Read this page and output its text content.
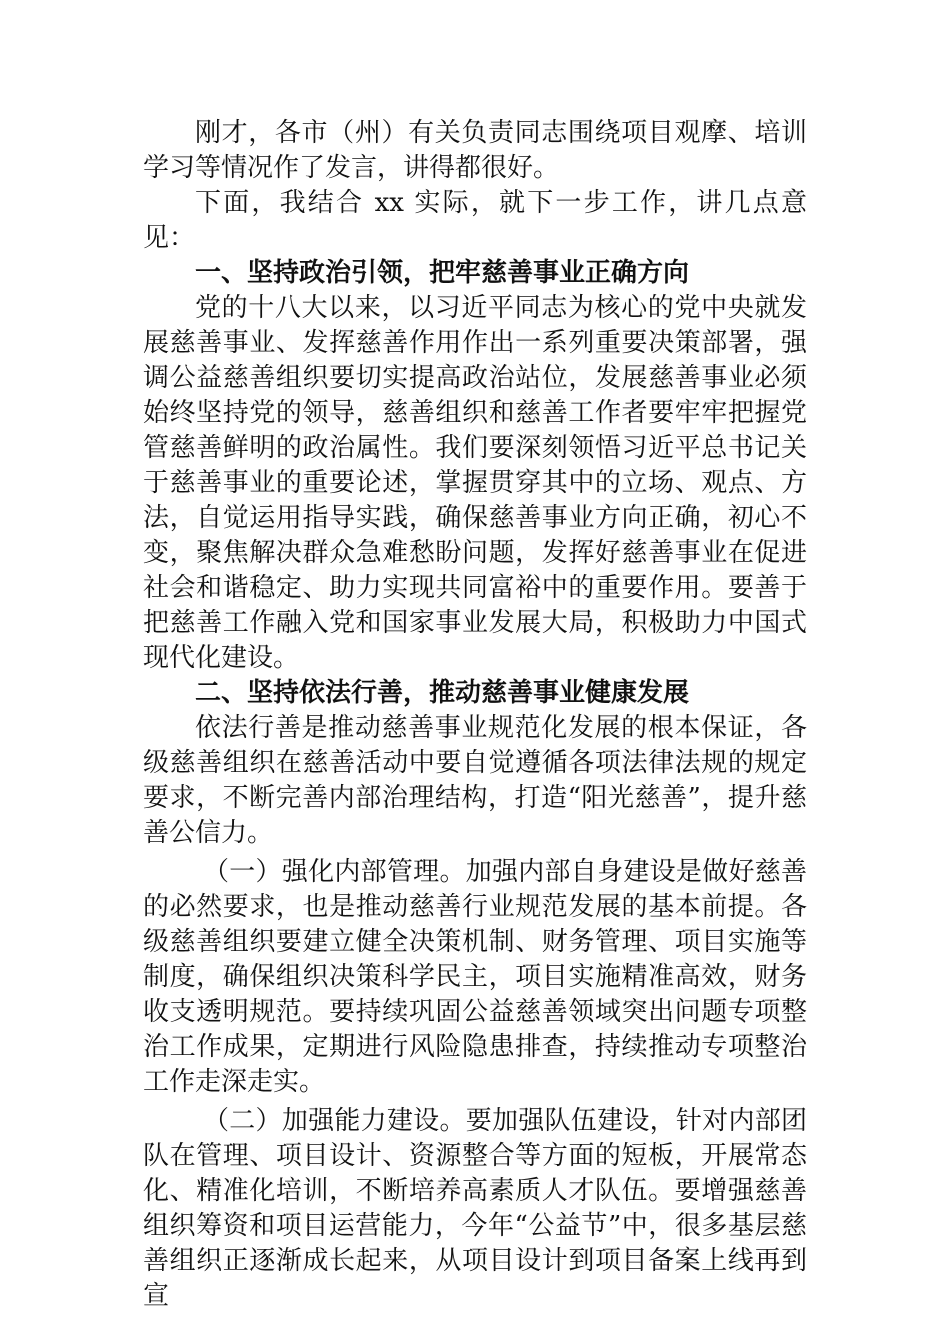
刚才，各市（州）有关负责同志围绕项目观摩、培训学习等情况作了发言，讲得都很好。

下面，我结合 xx 实际，就下一步工作，讲几点意见：

一、坚持政治引领，把牢慈善事业正确方向

党的十八大以来，以习近平同志为核心的党中央就发展慈善事业、发挥慈善作用作出一系列重要决策部署，强调公益慈善组织要切实提高政治站位，发展慈善事业必须始终坚持党的领导，慈善组织和慈善工作者要牢牢把握党管慈善鲜明的政治属性。我们要深刻领悟习近平总书记关于慈善事业的重要论述，掌握贯穿其中的立场、观点、方法，自觉运用指导实践，确保慈善事业方向正确，初心不变，聚焦解决群众急难愁盼问题，发挥好慈善事业在促进社会和谐稳定、助力实现共同富裕中的重要作用。要善于把慈善工作融入党和国家事业发展大局，积极助力中国式现代化建设。

二、坚持依法行善，推动慈善事业健康发展

依法行善是推动慈善事业规范化发展的根本保证，各级慈善组织在慈善活动中要自觉遵循各项法律法规的规定要求，不断完善内部治理结构，打造“阳光慈善”，提升慈善公信力。

（一）强化内部管理。加强内部自身建设是做好慈善的必然要求，也是推动慈善行业规范发展的基本前提。各级慈善组织要建立健全决策机制、财务管理、项目实施等制度，确保组织决策科学民主，项目实施精准高效，财务收支透明规范。要持续巩固公益慈善领域突出问题专项整治工作成果，定期进行风险隐患排查，持续推动专项整治工作走深走实。

（二）加强能力建设。要加强队伍建设，针对内部团队在管理、项目设计、资源整合等方面的短板，开展常态化、精准化培训，不断培养高素质人才队伍。要增强慈善组织筹资和项目运营能力，今年“公益节”中，很多基层慈善组织正逐渐成长起来，从项目设计到项目备案上线再到宣
